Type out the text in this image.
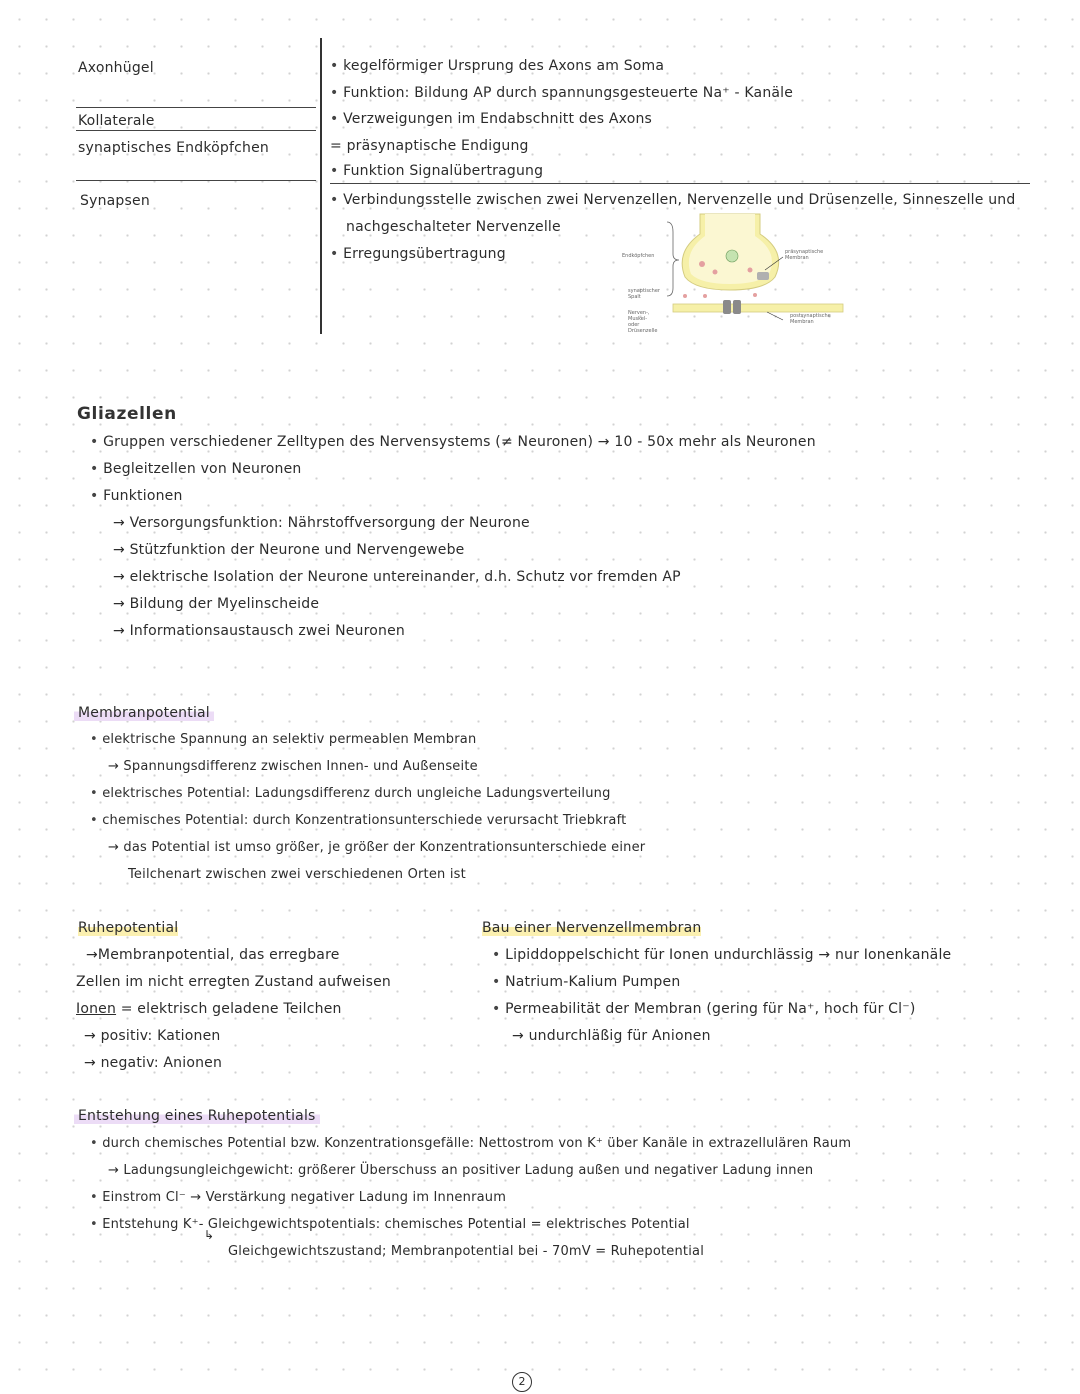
Axonhügel	• kegelförmiger Ursprung des Axons am Soma
• Funktion: Bildung AP durch spannungsgesteuerte Na⁺ - Kanäle
Kollaterale	• Verzweigungen im Endabschnitt des Axons
synaptisches Endköpfchen	= präsynaptische Endigung
• Funktion Signalübertragung
Synapsen	• Verbindungsstelle zwischen zwei Nervenzellen, Nervenzelle und Drüsenzelle, Sinneszelle und
nachgeschalteter Nervenzelle
• Erregungsübertragung	Endköpfchen
synaptischer Spalt
Nerven-, Muskel- oder Drüsenzelle
präsynaptische Membran
postsynaptische Membran
Gliazellen
• Gruppen verschiedener Zelltypen des Nervensystems (≠ Neuronen) → 10 - 50x mehr als Neuronen
• Begleitzellen von Neuronen
• Funktionen
→ Versorgungsfunktion: Nährstoffversorgung der Neurone
→ Stützfunktion der Neurone und Nervengewebe
→ elektrische Isolation der Neurone untereinander, d.h. Schutz vor fremden AP
→ Bildung der Myelinscheide
→ Informationsaustausch zwei Neuronen
Membranpotential
• elektrische Spannung an selektiv permeablen Membran
→ Spannungsdifferenz zwischen Innen- und Außenseite
• elektrisches Potential: Ladungsdifferenz durch ungleiche Ladungsverteilung
• chemisches Potential: durch Konzentrationsunterschiede verursacht Triebkraft
→ das Potential ist umso größer, je größer der Konzentrationsunterschiede einer
Teilchenart zwischen zwei verschiedenen Orten ist
Ruhepotential
→Membranpotential, das erregbare
Zellen im nicht erregten Zustand aufweisen
Ionen = elektrisch geladene Teilchen
→ positiv: Kationen
→ negativ: Anionen
Bau einer Nervenzellmembran
• Lipiddoppelschicht für Ionen undurchlässig → nur Ionenkanäle
• Natrium-Kalium Pumpen
• Permeabilität der Membran (gering für Na⁺, hoch für Cl⁻)
→ undurchläßig für Anionen
Entstehung eines Ruhepotentials
• durch chemisches Potential bzw. Konzentrationsgefälle: Nettostrom von K⁺ über Kanäle in extrazellulären Raum
→ Ladungsungleichgewicht: größerer Überschuss an positiver Ladung außen und negativer Ladung innen
• Einstrom Cl⁻ → Verstärkung negativer Ladung im Innenraum
• Entstehung K⁺- Gleichgewichtspotentials: chemisches Potential = elektrisches Potential
↳
Gleichgewichtszustand; Membranpotential bei - 70mV = Ruhepotential
2
